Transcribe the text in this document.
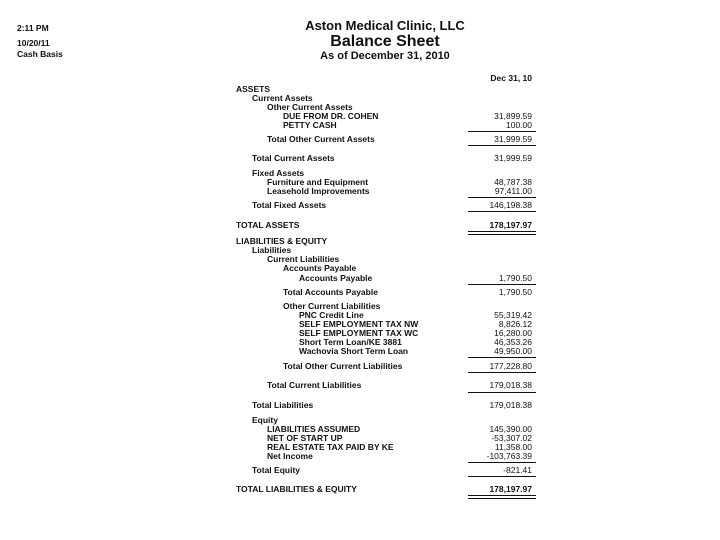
2:11 PM
10/20/11
Cash Basis
Aston Medical Clinic, LLC
Balance Sheet
As of December 31, 2010
Dec 31, 10
ASSETS
Current Assets
Other Current Assets
DUE FROM DR. COHEN	31,899.59
PETTY CASH	100.00
Total Other Current Assets	31,999.59
Total Current Assets	31,999.59
Fixed Assets
Furniture and Equipment	48,787.38
Leasehold Improvements	97,411.00
Total Fixed Assets	146,198.38
TOTAL ASSETS	178,197.97
LIABILITIES & EQUITY
Liabilities
Current Liabilities
Accounts Payable
Accounts Payable	1,790.50
Total Accounts Payable	1,790.50
Other Current Liabilities
PNC Credit Line	55,319.42
SELF EMPLOYMENT TAX NW	8,826.12
SELF EMPLOYMENT TAX WC	16,280.00
Short Term Loan/KE 3881	46,353.26
Wachovia Short Term Loan	49,950.00
Total Other Current Liabilities	177,228.80
Total Current Liabilities	179,018.38
Total Liabilities	179,018.38
Equity
LIABILITIES ASSUMED	145,390.00
NET OF START UP	-53,307.02
REAL ESTATE TAX PAID BY KE	11,358.00
Net Income	-103,763.39
Total Equity	-821.41
TOTAL LIABILITIES & EQUITY	178,197.97
